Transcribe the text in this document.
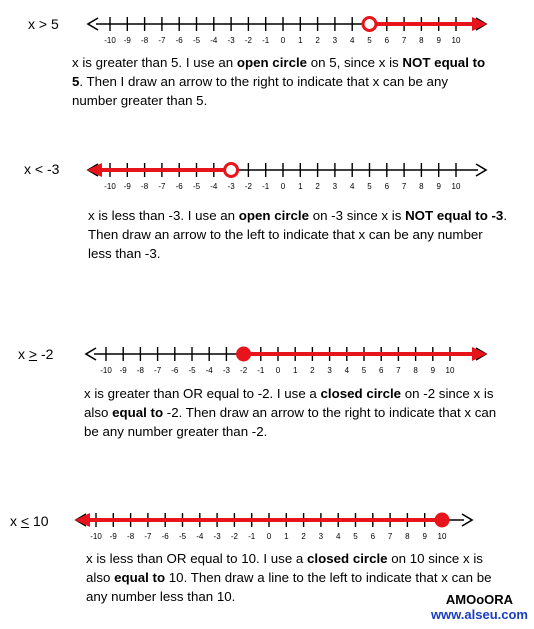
x > 5
-10 -9 -8 -7 -6 -5 -4 -3 -2 -1 0 1 2 3 4 5 6 7 8 9 10
x is greater than 5. I use an open circle on 5, since x is NOT equal to 5. Then I draw an arrow to the right to indicate that x can be any number greater than 5.
x < -3
-10 -9 -8 -7 -6 -5 -4 -3 -2 -1 0 1 2 3 4 5 6 7 8 9 10
x is less than -3. I use an open circle on -3 since x is NOT equal to -3. Then draw an arrow to the left to indicate that x can be any number less than -3.
x ≥ -2
-10 -9 -8 -7 -6 -5 -4 -3 -2 -1 0 1 2 3 4 5 6 7 8 9 10
x is greater than OR equal to -2. I use a closed circle on -2 since x is also equal to -2. Then draw an arrow to the right to indicate that x can be any number greater than -2.
x ≤ 10
-10 -9 -8 -7 -6 -5 -4 -3 -2 -1 0 1 2 3 4 5 6 7 8 9 10
x is less than OR equal to 10. I use a closed circle on 10 since x is also equal to 10. Then draw a line to the left to indicate that x can be any number less than 10.	AMOoORA
www.alseu.com
